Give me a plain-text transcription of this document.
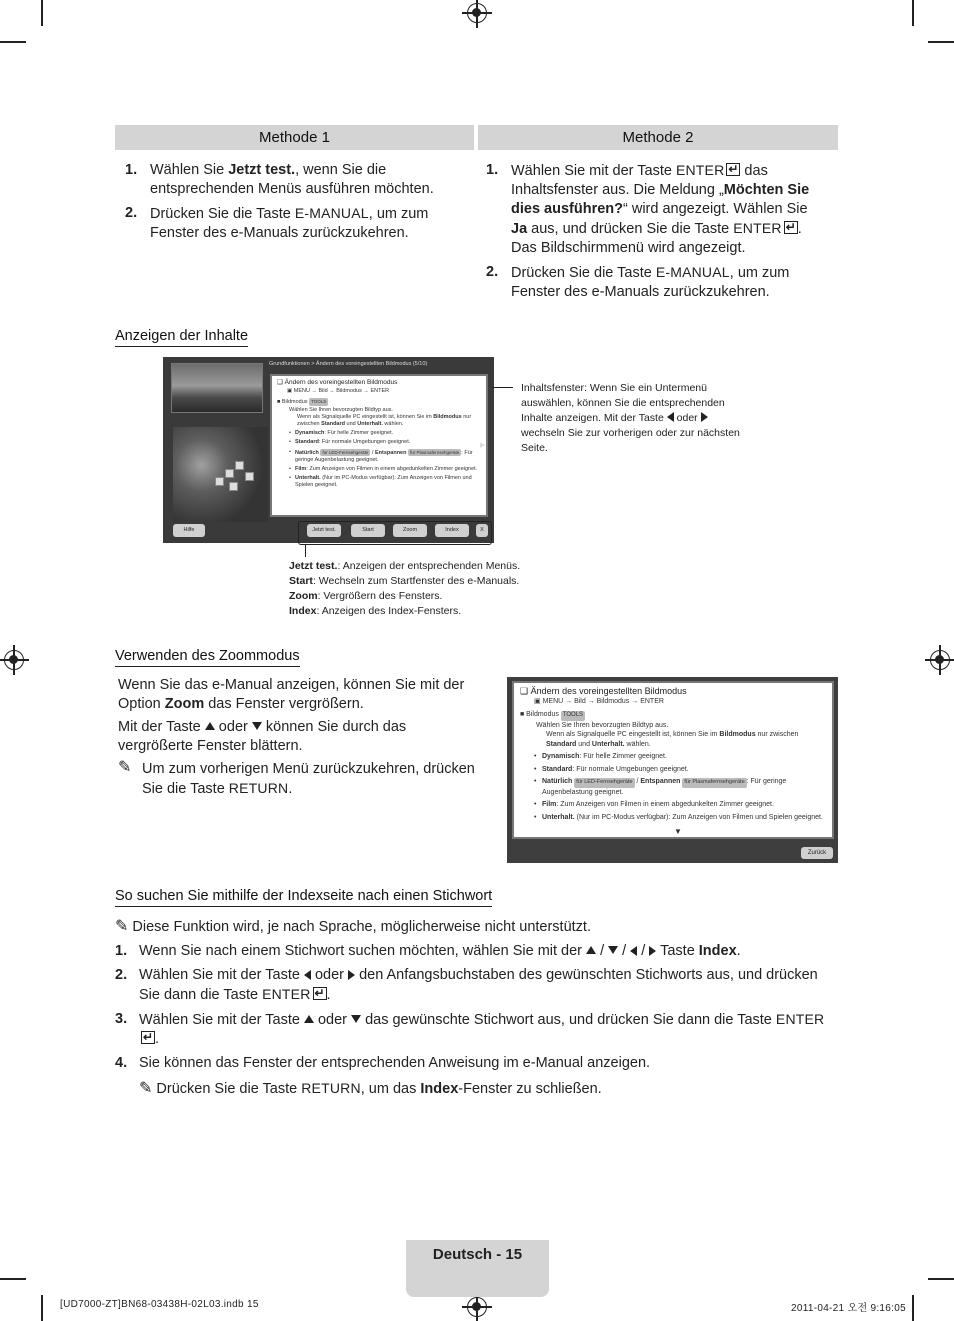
Methode 1	Methode 2
1. Wählen Sie Jetzt test., wenn Sie die entsprechenden Menüs ausführen möchten.
2. Drücken Sie die Taste E-MANUAL, um zum Fenster des e-Manuals zurückzukehren.
1. Wählen Sie mit der Taste ENTER↵ das Inhaltsfenster aus. Die Meldung „Möchten Sie dies ausführen?“ wird angezeigt. Wählen Sie Ja aus, und drücken Sie die Taste ENTER ↵ . Das Bildschirmmenü wird angezeigt.
2. Drücken Sie die Taste E-MANUAL, um zum Fenster des e-Manuals zurückzukehren.
Anzeigen der Inhalte
Grundfunktionen > Ändern des voreingestellten Bildmodus (5/10)
❑ Ändern des voreingestellten Bildmodus
▣ MENU → Bild → Bildmodus → ENTER
■ Bildmodus TOOLS
Wählen Sie Ihren bevorzugten Bildtyp aus.
Wenn als Signalquelle PC eingestellt ist, können Sie im Bildmodus nur zwischen Standard und Unterhalt. wählen.
• Dynamisch: Für helle Zimmer geeignet.
• Standard: Für normale Umgebungen geeignet.
• Natürlich für LED-Fernsehgeräte / Entspannen für Plasmafernsehgeräte : Für geringe Augenbelastung geeignet.
• Film: Zum Anzeigen von Filmen in einem abgedunkelten Zimmer geeignet.
• Unterhalt. (Nur im PC-Modus verfügbar): Zum Anzeigen von Filmen und Spielen geeignet.
▶
Hilfe	Jetzt test.	Start	Zoom	Index	X
Inhaltsfenster: Wenn Sie ein Untermenü auswählen, können Sie die entsprechenden Inhalte anzeigen. Mit der Taste  oder  wechseln Sie zur vorherigen oder zur nächsten Seite.
Jetzt test.: Anzeigen der entsprechenden Menüs.
Start: Wechseln zum Startfenster des e-Manuals.
Zoom: Vergrößern des Fensters.
Index: Anzeigen des Index-Fensters.
Verwenden des Zoommodus

Wenn Sie das e-Manual anzeigen, können Sie mit der Option Zoom das Fenster vergrößern.

Mit der Taste  oder  können Sie durch das vergrößerte Fenster blättern.

✎ Um zum vorherigen Menü zurückzukehren, drücken Sie die Taste RETURN.

❑ Ändern des voreingestellten Bildmodus
▣ MENU → Bild → Bildmodus → ENTER
■ Bildmodus TOOLS
Wählen Sie Ihren bevorzugten Bildtyp aus.
Wenn als Signalquelle PC eingestellt ist, können Sie im Bildmodus nur zwischen Standard und Unterhalt. wählen.
• Dynamisch: Für helle Zimmer geeignet.
• Standard: Für normale Umgebungen geeignet.
• Natürlich für LED-Fernsehgeräte / Entspannen für Plasmafernsehgeräte : Für geringe Augenbelastung geeignet.
• Film: Zum Anzeigen von Filmen in einem abgedunkelten Zimmer geeignet.
• Unterhalt. (Nur im PC-Modus verfügbar): Zum Anzeigen von Filmen und Spielen geeignet.
▼
Zurück
So suchen Sie mithilfe der Indexseite nach einen Stichwort
✎ Diese Funktion wird, je nach Sprache, möglicherweise nicht unterstützt.
1. Wenn Sie nach einem Stichwort suchen möchten, wählen Sie mit der  /  /  /  Taste Index.
2. Wählen Sie mit der Taste  oder  den Anfangsbuchstaben des gewünschten Stichworts aus, und drücken Sie dann die Taste ENTER ↵ .
3. Wählen Sie mit der Taste  oder  das gewünschte Stichwort aus, und drücken Sie dann die Taste ENTER↵.
4. Sie können das Fenster der entsprechenden Anweisung im e-Manual anzeigen.
✎ Drücken Sie die Taste RETURN, um das Index-Fenster zu schließen.
Deutsch - 15
[UD7000-ZT]BN68-03438H-02L03.indb 15	2011-04-21 오전 9:16:05
